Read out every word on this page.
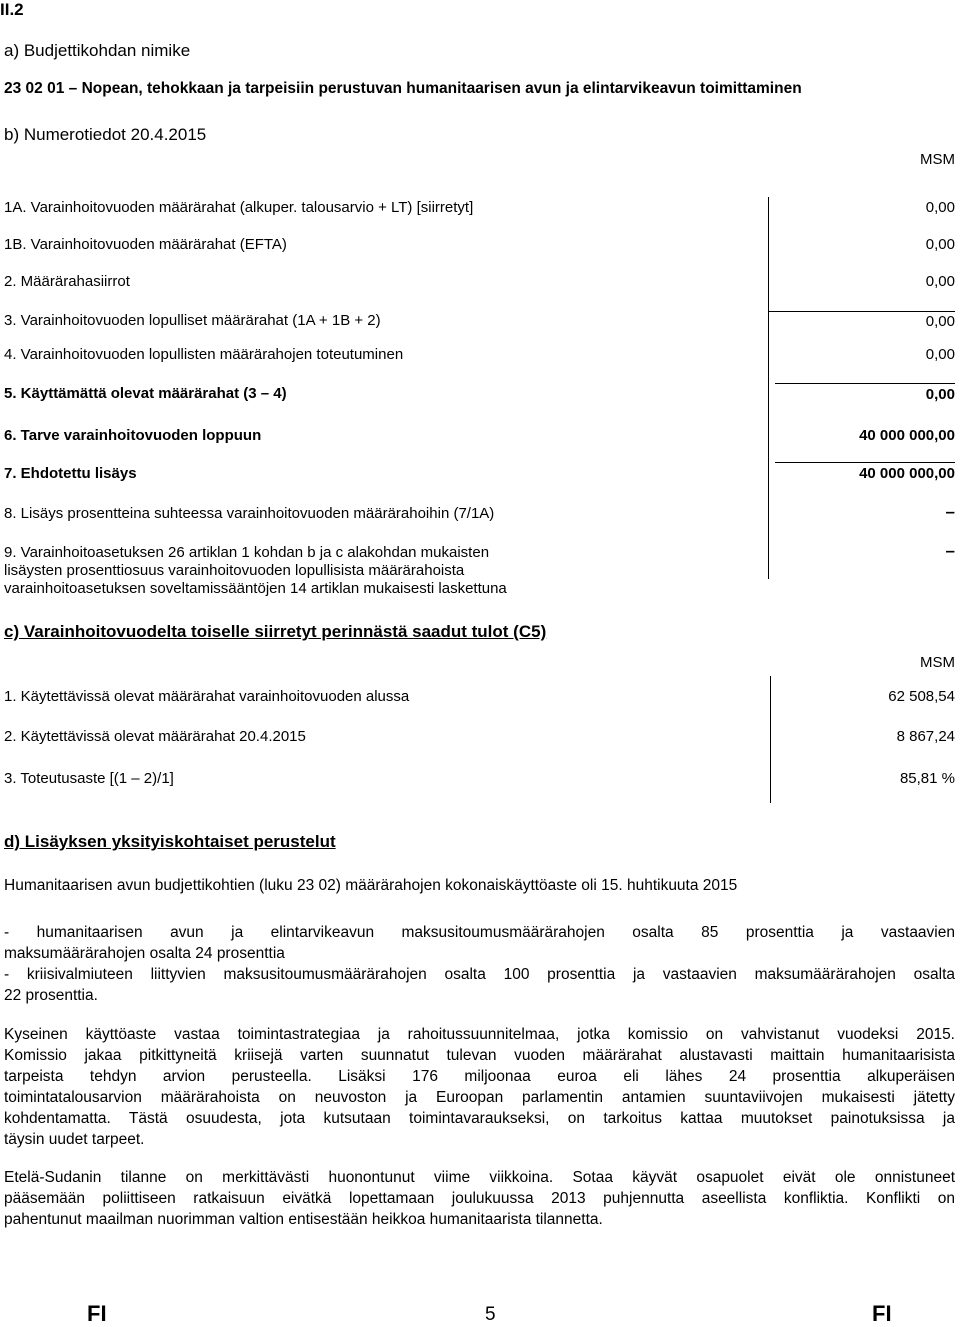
II.2
a) Budjettikohdan nimike
23 02 01 – Nopean, tehokkaan ja tarpeisiin perustuvan humanitaarisen avun ja elintarvikeavun toimittaminen
b) Numerotiedot 20.4.2015
MSM
1A. Varainhoitovuoden määrärahat (alkuper. talousarvio + LT) [siirretyt]	0,00
1B. Varainhoitovuoden määrärahat (EFTA)	0,00
2. Määrärahasiirrot	0,00
3. Varainhoitovuoden lopulliset määrärahat (1A + 1B + 2)	0,00
4. Varainhoitovuoden lopullisten määrärahojen toteutuminen	0,00
5. Käyttämättä olevat määrärahat (3 – 4)	0,00
6. Tarve varainhoitovuoden loppuun	40 000 000,00
7. Ehdotettu lisäys	40 000 000,00
8. Lisäys prosentteina suhteessa varainhoitovuoden määrärahoihin (7/1A)	–
9. Varainhoitoasetuksen 26 artiklan 1 kohdan b ja c alakohdan mukaisten
lisäysten prosenttiosuus varainhoitovuoden lopullisista määrärahoista
varainhoitoasetuksen soveltamissääntöjen 14 artiklan mukaisesti laskettuna
–
c) Varainhoitovuodelta toiselle siirretyt perinnästä saadut tulot (C5)
MSM
1. Käytettävissä olevat määrärahat varainhoitovuoden alussa	62 508,54
2. Käytettävissä olevat määrärahat 20.4.2015	8 867,24
3. Toteutusaste [(1 – 2)/1]	85,81 %
d) Lisäyksen yksityiskohtaiset perustelut
Humanitaarisen avun budjettikohtien (luku 23 02) määrärahojen kokonaiskäyttöaste oli 15. huhtikuuta 2015
- humanitaarisen avun ja elintarvikeavun maksusitoumusmäärärahojen osalta 85 prosenttia ja vastaavien
maksumäärärahojen osalta 24 prosenttia
- kriisivalmiuteen liittyvien maksusitoumusmäärärahojen osalta 100 prosenttia ja vastaavien maksumäärärahojen osalta
22 prosenttia.
Kyseinen käyttöaste vastaa toimintastrategiaa ja rahoitussuunnitelmaa, jotka komissio on vahvistanut vuodeksi 2015.
Komissio jakaa pitkittyneitä kriisejä varten suunnatut tulevan vuoden määrärahat alustavasti maittain humanitaarisista
tarpeista tehdyn arvion perusteella. Lisäksi 176 miljoonaa euroa eli lähes 24 prosenttia alkuperäisen
toimintatalousarvion määrärahoista on neuvoston ja Euroopan parlamentin antamien suuntaviivojen mukaisesti jätetty
kohdentamatta. Tästä osuudesta, jota kutsutaan toimintavaraukseksi, on tarkoitus kattaa muutokset painotuksissa ja
täysin uudet tarpeet.
Etelä-Sudanin tilanne on merkittävästi huonontunut viime viikkoina. Sotaa käyvät osapuolet eivät ole onnistuneet
pääsemään poliittiseen ratkaisuun eivätkä lopettamaan joulukuussa 2013 puhjennutta aseellista konfliktia. Konflikti on
pahentunut maailman nuorimman valtion entisestään heikkoa humanitaarista tilannetta.
FI	5	FI
